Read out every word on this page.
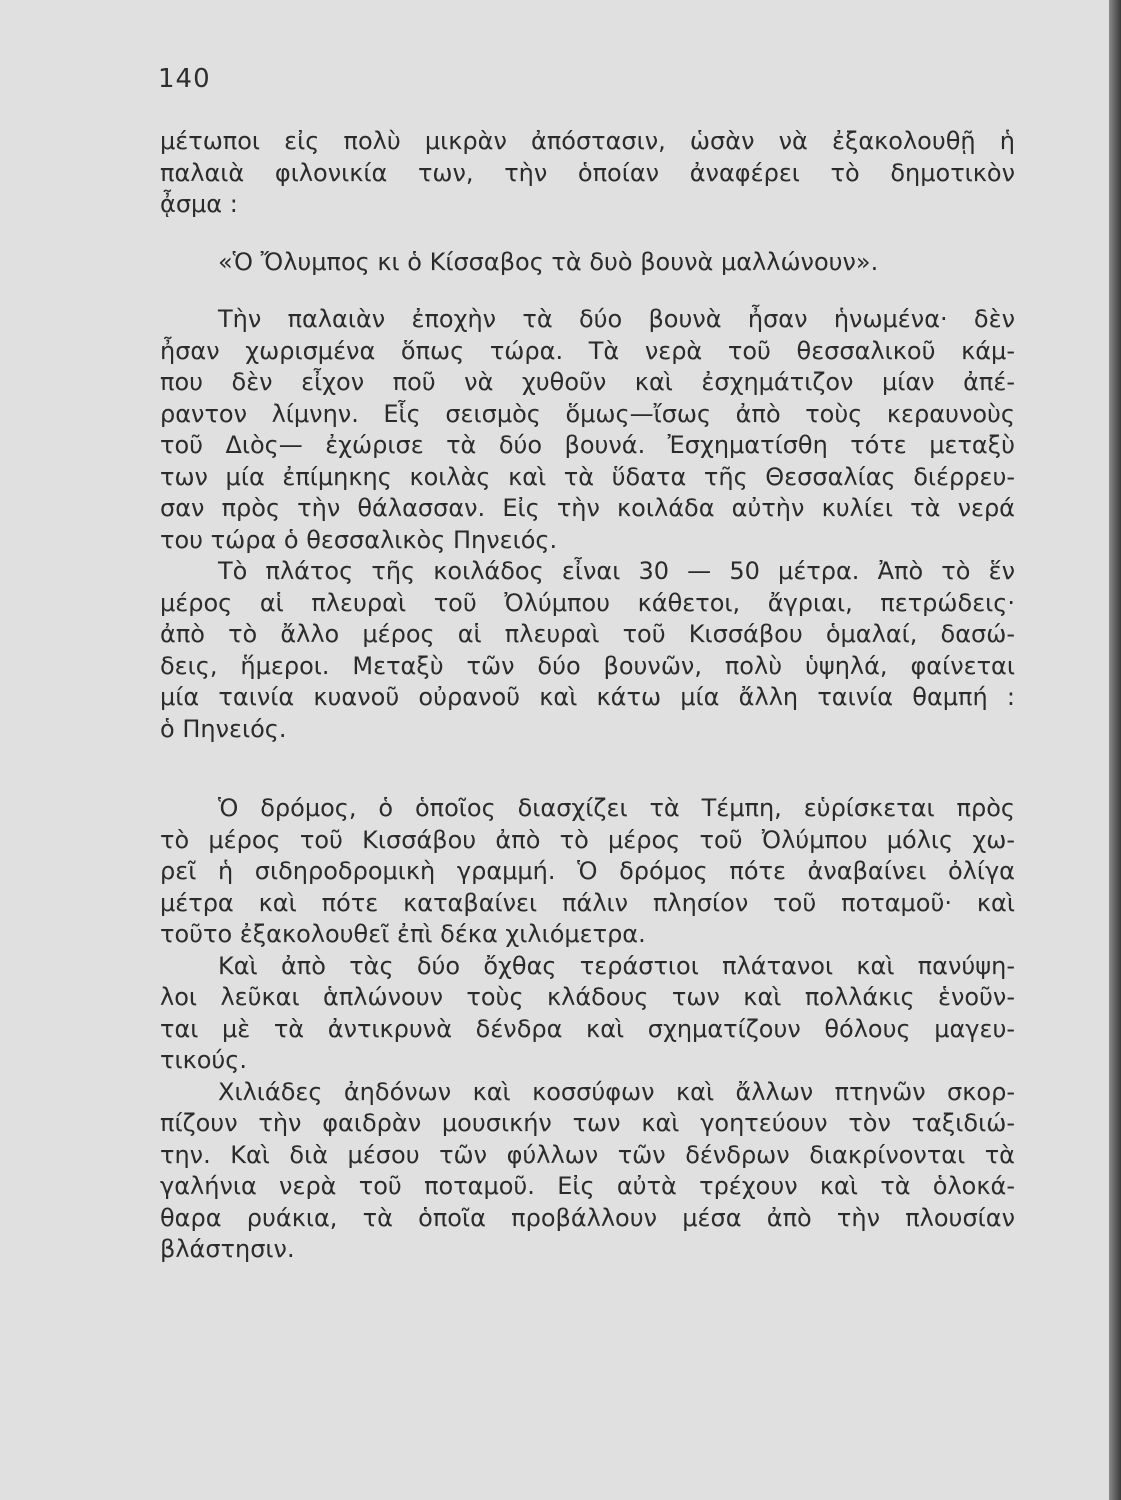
140
μέτωποι εἰς πολὺ μικρὰν ἀπόστασιν, ὡσὰν νὰ ἐξακολουθῇ ἡ
παλαιὰ φιλονικία των, τὴν ὁποίαν ἀναφέρει τὸ δημοτικὸν
ᾆσμα :
«Ὁ Ὄλυμπος κι ὁ Κίσσαβος τὰ δυὸ βουνὰ μαλλώνουν».
Τὴν παλαιὰν ἐποχὴν τὰ δύο βουνὰ ἦσαν ἡνωμένα· δὲν
ἦσαν χωρισμένα ὅπως τώρα. Τὰ νερὰ τοῦ θεσσαλικοῦ κάμ-
που δὲν εἶχον ποῦ νὰ χυθοῦν καὶ ἐσχημάτιζον μίαν ἀπέ-
ραντον λίμνην. Εἷς σεισμὸς ὅμως—ἴσως ἀπὸ τοὺς κεραυνοὺς
τοῦ Διὸς— ἐχώρισε τὰ δύο βουνά. Ἐσχηματίσθη τότε μεταξὺ
των μία ἐπίμηκης κοιλὰς καὶ τὰ ὕδατα τῆς Θεσσαλίας διέρρευ-
σαν πρὸς τὴν θάλασσαν. Εἰς τὴν κοιλάδα αὐτὴν κυλίει τὰ νερά
του τώρα ὁ θεσσαλικὸς Πηνειός.
Τὸ πλάτος τῆς κοιλάδος εἶναι 30 — 50 μέτρα. Ἀπὸ τὸ ἕν
μέρος αἱ πλευραὶ τοῦ Ὀλύμπου κάθετοι, ἄγριαι, πετρώδεις·
ἀπὸ τὸ ἄλλο μέρος αἱ πλευραὶ τοῦ Κισσάβου ὁμαλαί, δασώ-
δεις, ἥμεροι. Μεταξὺ τῶν δύο βουνῶν, πολὺ ὑψηλά, φαίνεται
μία ταινία κυανοῦ οὐρανοῦ καὶ κάτω μία ἄλλη ταινία θαμπή :
ὁ Πηνειός.
Ὁ δρόμος, ὁ ὁποῖος διασχίζει τὰ Τέμπη, εὑρίσκεται πρὸς
τὸ μέρος τοῦ Κισσάβου ἀπὸ τὸ μέρος τοῦ Ὀλύμπου μόλις χω-
ρεῖ ἡ σιδηροδρομικὴ γραμμή. Ὁ δρόμος πότε ἀναβαίνει ὀλίγα
μέτρα καὶ πότε καταβαίνει πάλιν πλησίον τοῦ ποταμοῦ· καὶ
τοῦτο ἐξακολουθεῖ ἐπὶ δέκα χιλιόμετρα.
Καὶ ἀπὸ τὰς δύο ὄχθας τεράστιοι πλάτανοι καὶ πανύψη-
λοι λεῦκαι ἁπλώνουν τοὺς κλάδους των καὶ πολλάκις ἑνοῦν-
ται μὲ τὰ ἀντικρυνὰ δένδρα καὶ σχηματίζουν θόλους μαγευ-
τικούς.
Χιλιάδες ἀηδόνων καὶ κοσσύφων καὶ ἄλλων πτηνῶν σκορ-
πίζουν τὴν φαιδρὰν μουσικήν των καὶ γοητεύουν τὸν ταξιδιώ-
την. Καὶ διὰ μέσου τῶν φύλλων τῶν δένδρων διακρίνονται τὰ
γαλήνια νερὰ τοῦ ποταμοῦ. Εἰς αὐτὰ τρέχουν καὶ τὰ ὁλοκά-
θαρα ρυάκια, τὰ ὁποῖα προβάλλουν μέσα ἀπὸ τὴν πλουσίαν
βλάστησιν.
